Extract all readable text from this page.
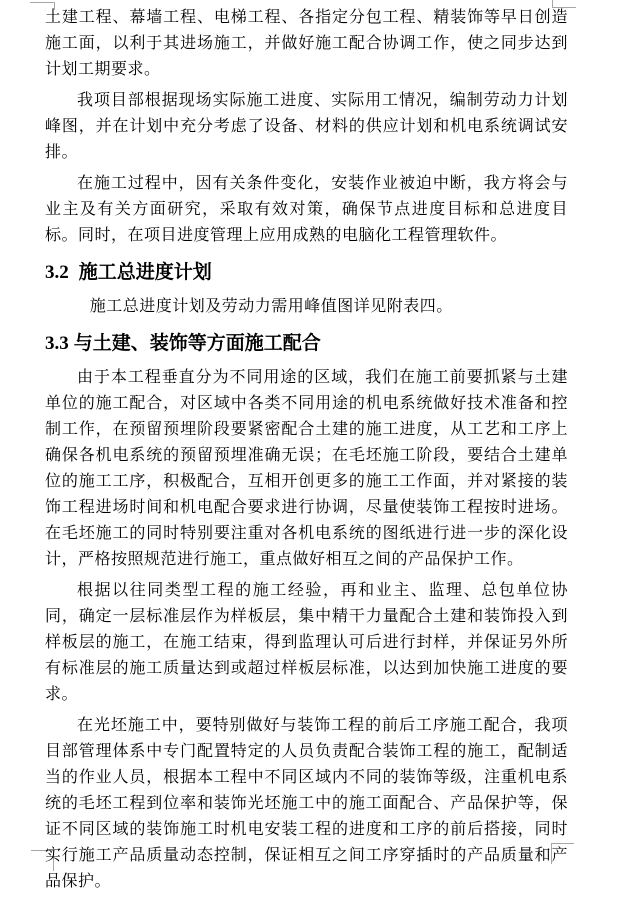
土建工程、幕墙工程、电梯工程、各指定分包工程、精装饰等早日创造施工面，以利于其进场施工，并做好施工配合协调工作，使之同步达到计划工期要求。

我项目部根据现场实际施工进度、实际用工情况，编制劳动力计划峰图，并在计划中充分考虑了设备、材料的供应计划和机电系统调试安排。

在施工过程中，因有关条件变化，安装作业被迫中断，我方将会与业主及有关方面研究，采取有效对策，确保节点进度目标和总进度目标。同时，在项目进度管理上应用成熟的电脑化工程管理软件。

3.2 施工总进度计划

施工总进度计划及劳动力需用峰值图详见附表四。

3.3 与土建、装饰等方面施工配合

由于本工程垂直分为不同用途的区域，我们在施工前要抓紧与土建单位的施工配合，对区域中各类不同用途的机电系统做好技术准备和控制工作，在预留预埋阶段要紧密配合土建的施工进度，从工艺和工序上确保各机电系统的预留预埋准确无误；在毛坯施工阶段，要结合土建单位的施工工序，积极配合，互相开创更多的施工工作面，并对紧接的装饰工程进场时间和机电配合要求进行协调，尽量使装饰工程按时进场。在毛坯施工的同时特别要注重对各机电系统的图纸进行进一步的深化设计，严格按照规范进行施工，重点做好相互之间的产品保护工作。

根据以往同类型工程的施工经验，再和业主、监理、总包单位协同，确定一层标准层作为样板层，集中精干力量配合土建和装饰投入到样板层的施工，在施工结束，得到监理认可后进行封样，并保证另外所有标准层的施工质量达到或超过样板层标准，以达到加快施工进度的要求。

在光坯施工中，要特别做好与装饰工程的前后工序施工配合，我项目部管理体系中专门配置特定的人员负责配合装饰工程的施工，配制适当的作业人员，根据本工程中不同区域内不同的装饰等级，注重机电系统的毛坯工程到位率和装饰光坯施工中的施工面配合、产品保护等，保证不同区域的装饰施工时机电安装工程的进度和工序的前后搭接，同时实行施工产品质量动态控制，保证相互之间工序穿插时的产品质量和产品保护。
